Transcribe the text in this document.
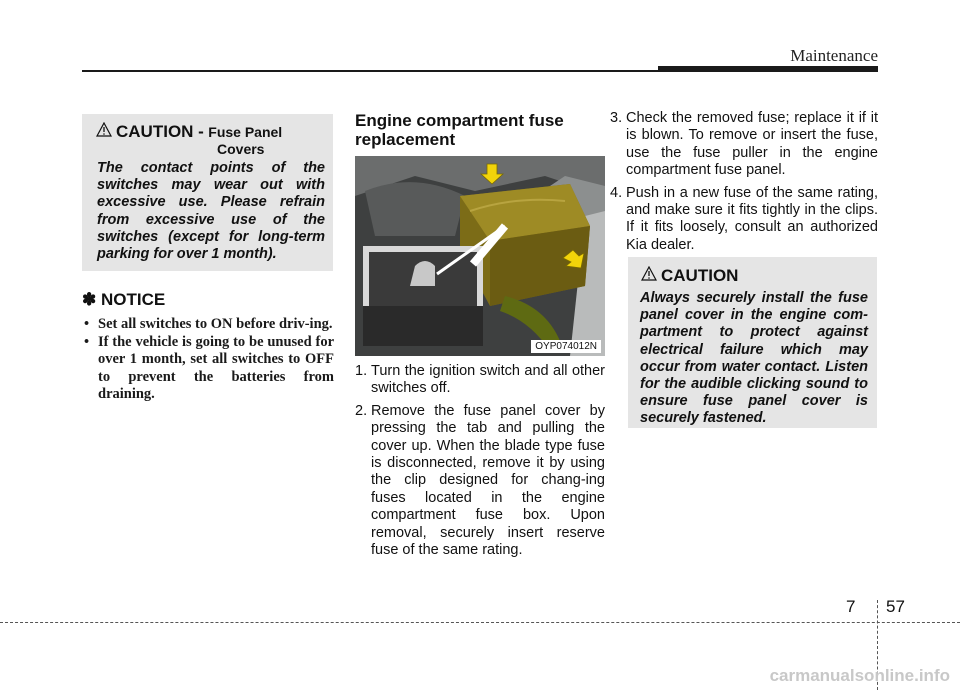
Maintenance
CAUTION - Fuse Panel
Covers
The contact points of the switches may wear out with excessive use. Please refrain from excessive use of the switches (except for long-term parking for over 1 month).
✽ NOTICE
• Set all switches to ON before driv-ing.
• If the vehicle is going to be unused for over 1 month, set all switches to OFF to prevent the batteries from draining.
Engine compartment fuse replacement
OYP074012N
1. Turn the ignition switch and all other switches off.
2. Remove the fuse panel cover by pressing the tab and pulling the cover up. When the blade type fuse is disconnected, remove it by using the clip designed for chang-ing fuses located in the engine compartment fuse box. Upon removal, securely insert reserve fuse of the same rating.
3. Check the removed fuse; replace it if it is blown. To remove or insert the fuse, use the fuse puller in the engine compartment fuse panel.
4. Push in a new fuse of the same rating, and make sure it fits tightly in the clips. If it fits loosely, consult an authorized Kia dealer.
CAUTION
Always securely install the fuse panel cover in the engine com-partment to protect against electrical failure which may occur from water contact. Listen for the audible clicking sound to ensure fuse panel cover is securely fastened.
7 57
carmanualsonline.info
